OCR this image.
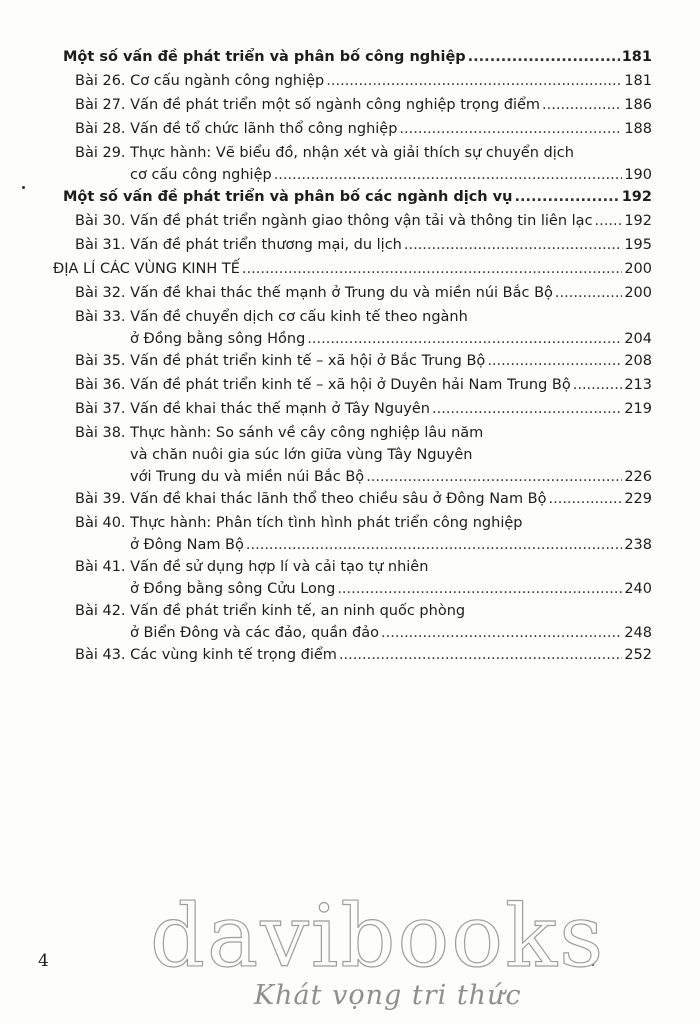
Một số vấn đề phát triển và phân bố công nghiệp .....	181
Bài 26. Cơ cấu ngành công nghiệp .....	181
Bài 27. Vấn đề phát triển một số ngành công nghiệp trọng điểm .....	186
Bài 28. Vấn đề tổ chức lãnh thổ công nghiệp .....	188
Bài 29. Thực hành: Vẽ biểu đồ, nhận xét và giải thích sự chuyển dịch
cơ cấu công nghiệp .....	190
Một số vấn đề phát triển và phân bố các ngành dịch vụ .....	192
Bài 30. Vấn đề phát triển ngành giao thông vận tải và thông tin liên lạc ..... 192
Bài 31. Vấn đề phát triển thương mại, du lịch .....	195
ĐỊA LÍ CÁC VÙNG KINH TẾ .....	200
Bài 32. Vấn đề khai thác thế mạnh ở Trung du và miền núi Bắc Bộ .....	200
Bài 33. Vấn đề chuyển dịch cơ cấu kinh tế theo ngành
ở Đồng bằng sông Hồng .....	204
Bài 35. Vấn đề phát triển kinh tế – xã hội ở Bắc Trung Bộ .....	208
Bài 36. Vấn đề phát triển kinh tế – xã hội ở Duyên hải Nam Trung Bộ .....	213
Bài 37. Vấn đề khai thác thế mạnh ở Tây Nguyên .....	219
Bài 38. Thực hành: So sánh về cây công nghiệp lâu năm
và chăn nuôi gia súc lớn giữa vùng Tây Nguyên
với Trung du và miền núi Bắc Bộ .....	226
Bài 39. Vấn đề khai thác lãnh thổ theo chiều sâu ở Đông Nam Bộ .....	229
Bài 40. Thực hành: Phân tích tình hình phát triển công nghiệp
ở Đông Nam Bộ .....	238
Bài 41. Vấn đề sử dụng hợp lí và cải tạo tự nhiên
ở Đồng bằng sông Cửu Long .....	240
Bài 42. Vấn đề phát triển kinh tế, an ninh quốc phòng
ở Biển Đông và các đảo, quần đảo .....	248
Bài 43. Các vùng kinh tế trọng điểm .....	252
4 davibooks
Khát vọng tri thức
